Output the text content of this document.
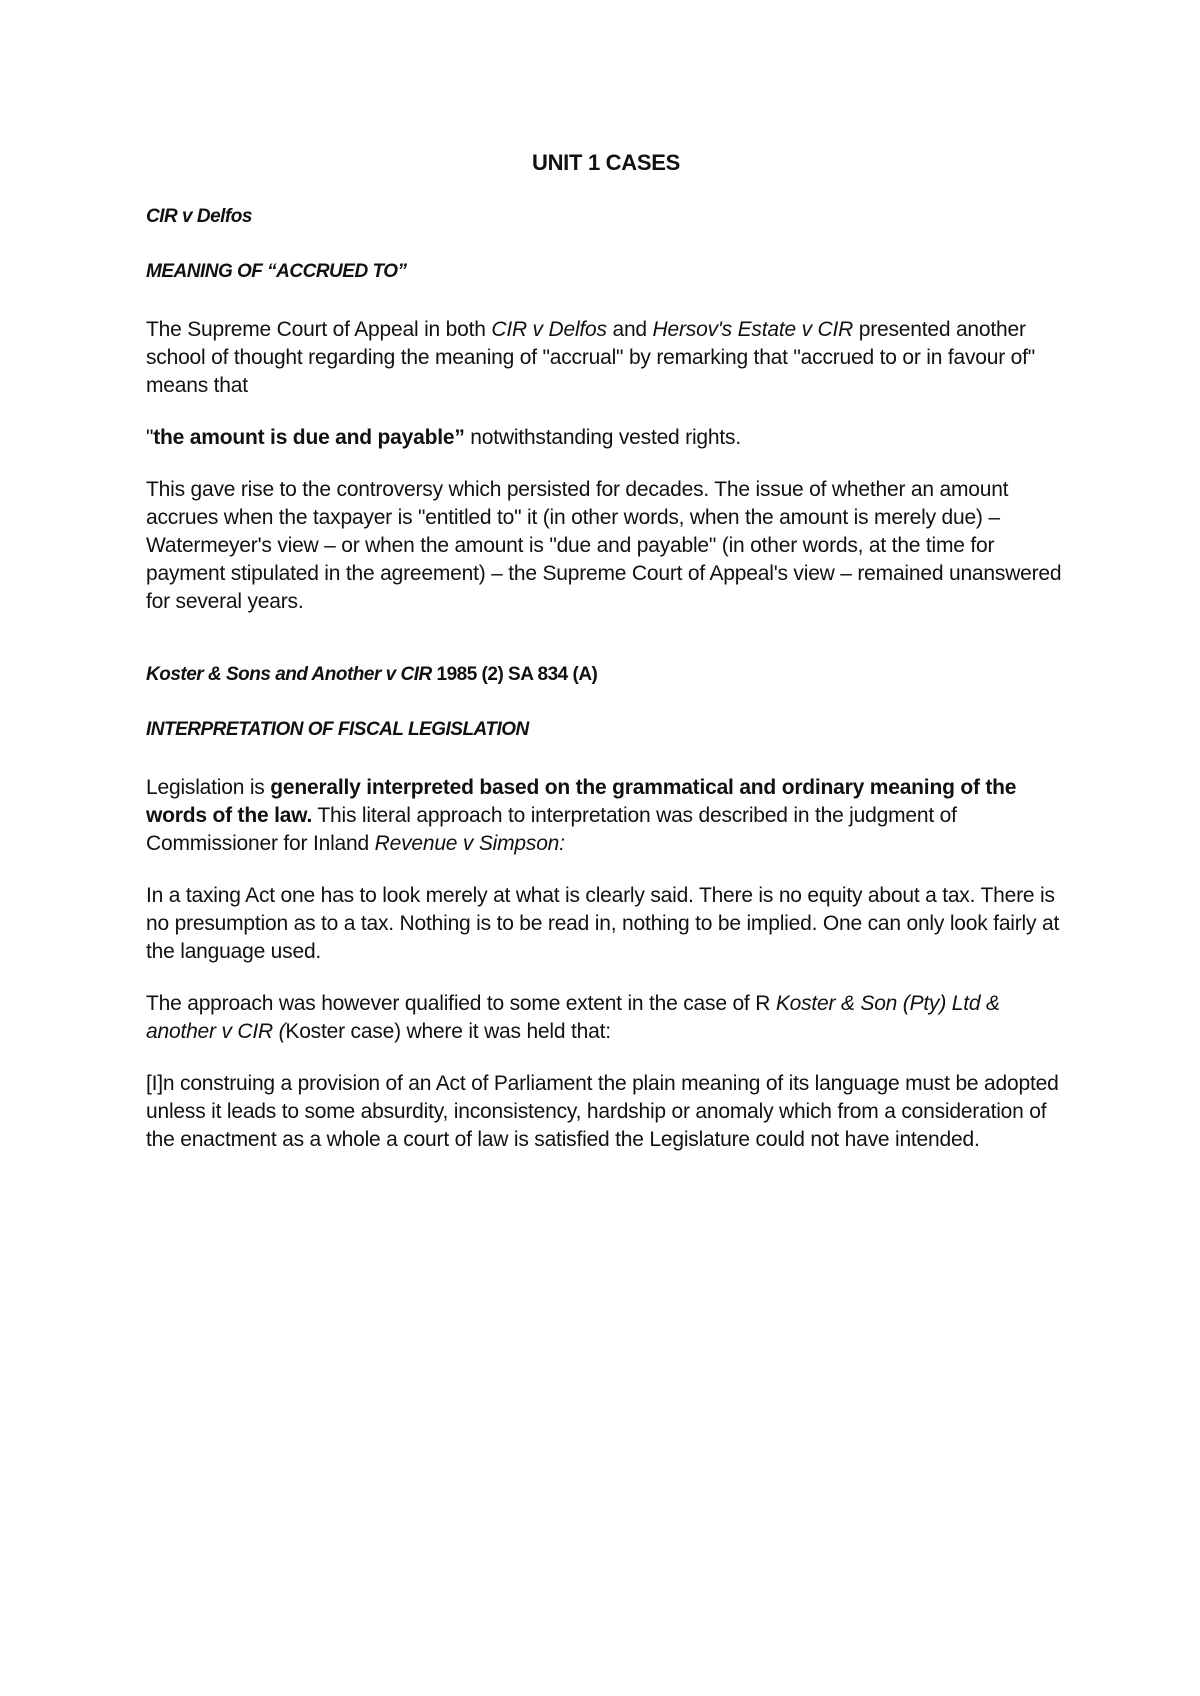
UNIT 1 CASES
CIR v Delfos
MEANING OF “ACCRUED TO”

The Supreme Court of Appeal in both CIR v Delfos and Hersov's Estate v CIR presented another school of thought regarding the meaning of "accrual" by remarking that "accrued to or in favour of" means that

"the amount is due and payable” notwithstanding vested rights.

This gave rise to the controversy which persisted for decades. The issue of whether an amount accrues when the taxpayer is "entitled to" it (in other words, when the amount is merely due) – Watermeyer's view – or when the amount is "due and payable" (in other words, at the time for payment stipulated in the agreement) – the Supreme Court of Appeal's view – remained unanswered for several years.

Koster & Sons and Another v CIR 1985 (2) SA 834 (A)
INTERPRETATION OF FISCAL LEGISLATION

Legislation is generally interpreted based on the grammatical and ordinary meaning of the words of the law. This literal approach to interpretation was described in the judgment of Commissioner for Inland Revenue v Simpson:

In a taxing Act one has to look merely at what is clearly said. There is no equity about a tax. There is no presumption as to a tax. Nothing is to be read in, nothing to be implied. One can only look fairly at the language used.

The approach was however qualified to some extent in the case of R Koster & Son (Pty) Ltd & another v CIR (Koster case) where it was held that:

[I]n construing a provision of an Act of Parliament the plain meaning of its language must be adopted unless it leads to some absurdity, inconsistency, hardship or anomaly which from a consideration of the enactment as a whole a court of law is satisfied the Legislature could not have intended.
